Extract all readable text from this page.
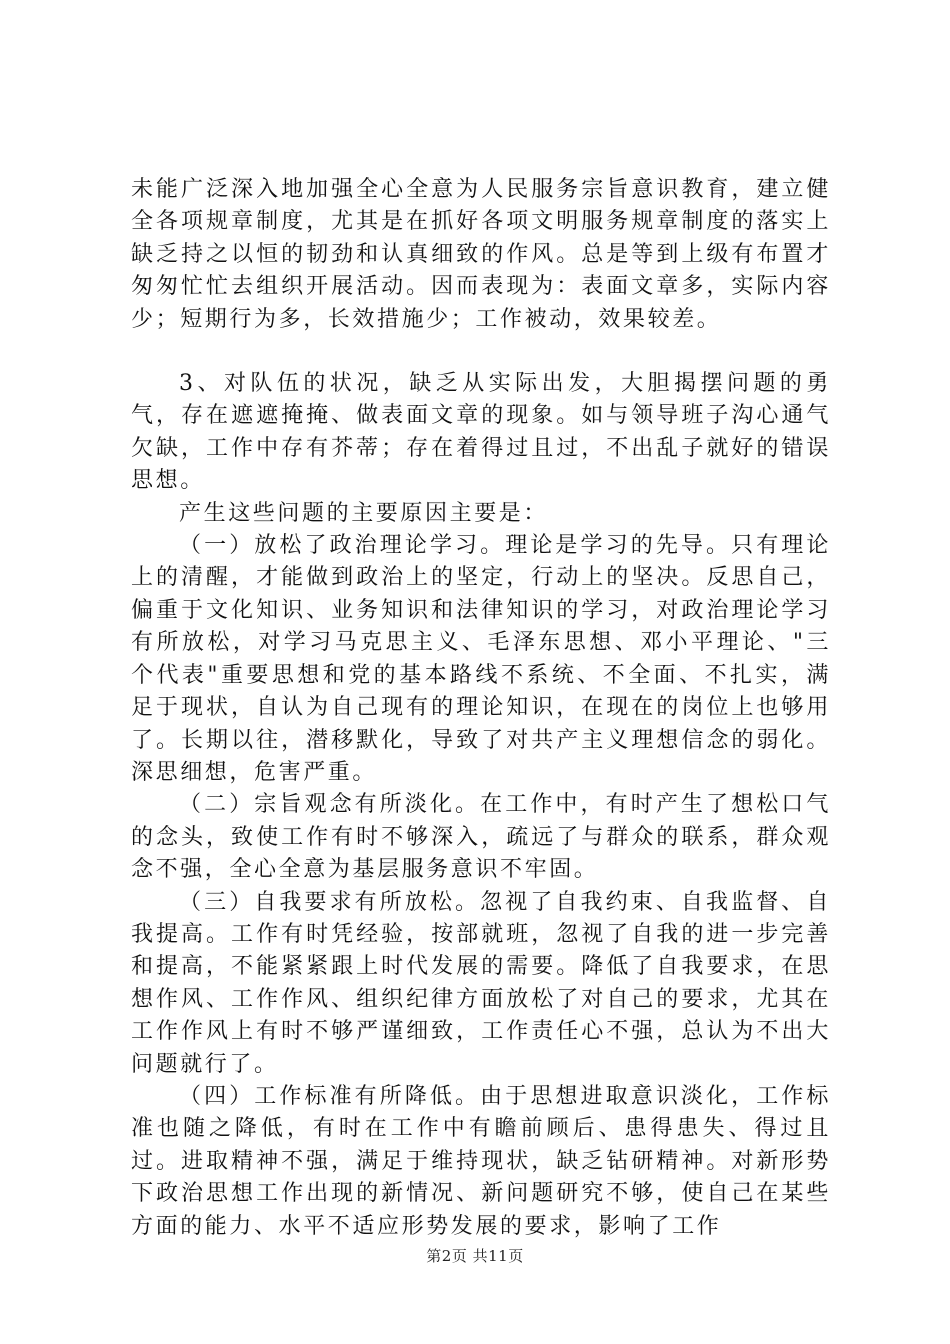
未能广泛深入地加强全心全意为人民服务宗旨意识教育，建立健全各项规章制度，尤其是在抓好各项文明服务规章制度的落实上缺乏持之以恒的韧劲和认真细致的作风。总是等到上级有布置才匆匆忙忙去组织开展活动。因而表现为：表面文章多，实际内容少；短期行为多，长效措施少；工作被动，效果较差。

3、对队伍的状况，缺乏从实际出发，大胆揭摆问题的勇气，存在遮遮掩掩、做表面文章的现象。如与领导班子沟心通气欠缺，工作中存有芥蒂；存在着得过且过，不出乱子就好的错误思想。

产生这些问题的主要原因主要是：

（一）放松了政治理论学习。理论是学习的先导。只有理论上的清醒，才能做到政治上的坚定，行动上的坚决。反思自己，偏重于文化知识、业务知识和法律知识的学习，对政治理论学习有所放松，对学习马克思主义、毛泽东思想、邓小平理论、"三个代表"重要思想和党的基本路线不系统、不全面、不扎实，满足于现状，自认为自己现有的理论知识，在现在的岗位上也够用了。长期以往，潜移默化，导致了对共产主义理想信念的弱化。深思细想，危害严重。

（二）宗旨观念有所淡化。在工作中，有时产生了想松口气的念头，致使工作有时不够深入，疏远了与群众的联系，群众观念不强，全心全意为基层服务意识不牢固。

（三）自我要求有所放松。忽视了自我约束、自我监督、自我提高。工作有时凭经验，按部就班，忽视了自我的进一步完善和提高，不能紧紧跟上时代发展的需要。降低了自我要求，在思想作风、工作作风、组织纪律方面放松了对自己的要求，尤其在工作作风上有时不够严谨细致，工作责任心不强，总认为不出大问题就行了。

（四）工作标准有所降低。由于思想进取意识淡化，工作标准也随之降低，有时在工作中有瞻前顾后、患得患失、得过且过。进取精神不强，满足于维持现状，缺乏钻研精神。对新形势下政治思想工作出现的新情况、新问题研究不够，使自己在某些方面的能力、水平不适应形势发展的要求，影响了工作

第2页 共11页
